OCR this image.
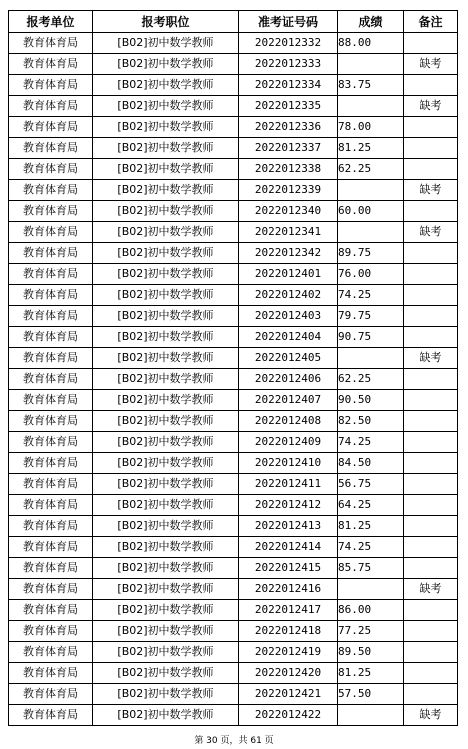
报考单位	报考职位	准考证号码	成绩	备注
教育体育局	[B02]初中数学教师	2022012332	88.00	
教育体育局	[B02]初中数学教师	2022012333		缺考
教育体育局	[B02]初中数学教师	2022012334	83.75	
教育体育局	[B02]初中数学教师	2022012335		缺考
教育体育局	[B02]初中数学教师	2022012336	78.00	
教育体育局	[B02]初中数学教师	2022012337	81.25	
教育体育局	[B02]初中数学教师	2022012338	62.25	
教育体育局	[B02]初中数学教师	2022012339		缺考
教育体育局	[B02]初中数学教师	2022012340	60.00	
教育体育局	[B02]初中数学教师	2022012341		缺考
教育体育局	[B02]初中数学教师	2022012342	89.75	
教育体育局	[B02]初中数学教师	2022012401	76.00	
教育体育局	[B02]初中数学教师	2022012402	74.25	
教育体育局	[B02]初中数学教师	2022012403	79.75	
教育体育局	[B02]初中数学教师	2022012404	90.75	
教育体育局	[B02]初中数学教师	2022012405		缺考
教育体育局	[B02]初中数学教师	2022012406	62.25	
教育体育局	[B02]初中数学教师	2022012407	90.50	
教育体育局	[B02]初中数学教师	2022012408	82.50	
教育体育局	[B02]初中数学教师	2022012409	74.25	
教育体育局	[B02]初中数学教师	2022012410	84.50	
教育体育局	[B02]初中数学教师	2022012411	56.75	
教育体育局	[B02]初中数学教师	2022012412	64.25	
教育体育局	[B02]初中数学教师	2022012413	81.25	
教育体育局	[B02]初中数学教师	2022012414	74.25	
教育体育局	[B02]初中数学教师	2022012415	85.75	
教育体育局	[B02]初中数学教师	2022012416		缺考
教育体育局	[B02]初中数学教师	2022012417	86.00	
教育体育局	[B02]初中数学教师	2022012418	77.25	
教育体育局	[B02]初中数学教师	2022012419	89.50	
教育体育局	[B02]初中数学教师	2022012420	81.25	
教育体育局	[B02]初中数学教师	2022012421	57.50	
教育体育局	[B02]初中数学教师	2022012422		缺考
第 30 页，共 61 页
